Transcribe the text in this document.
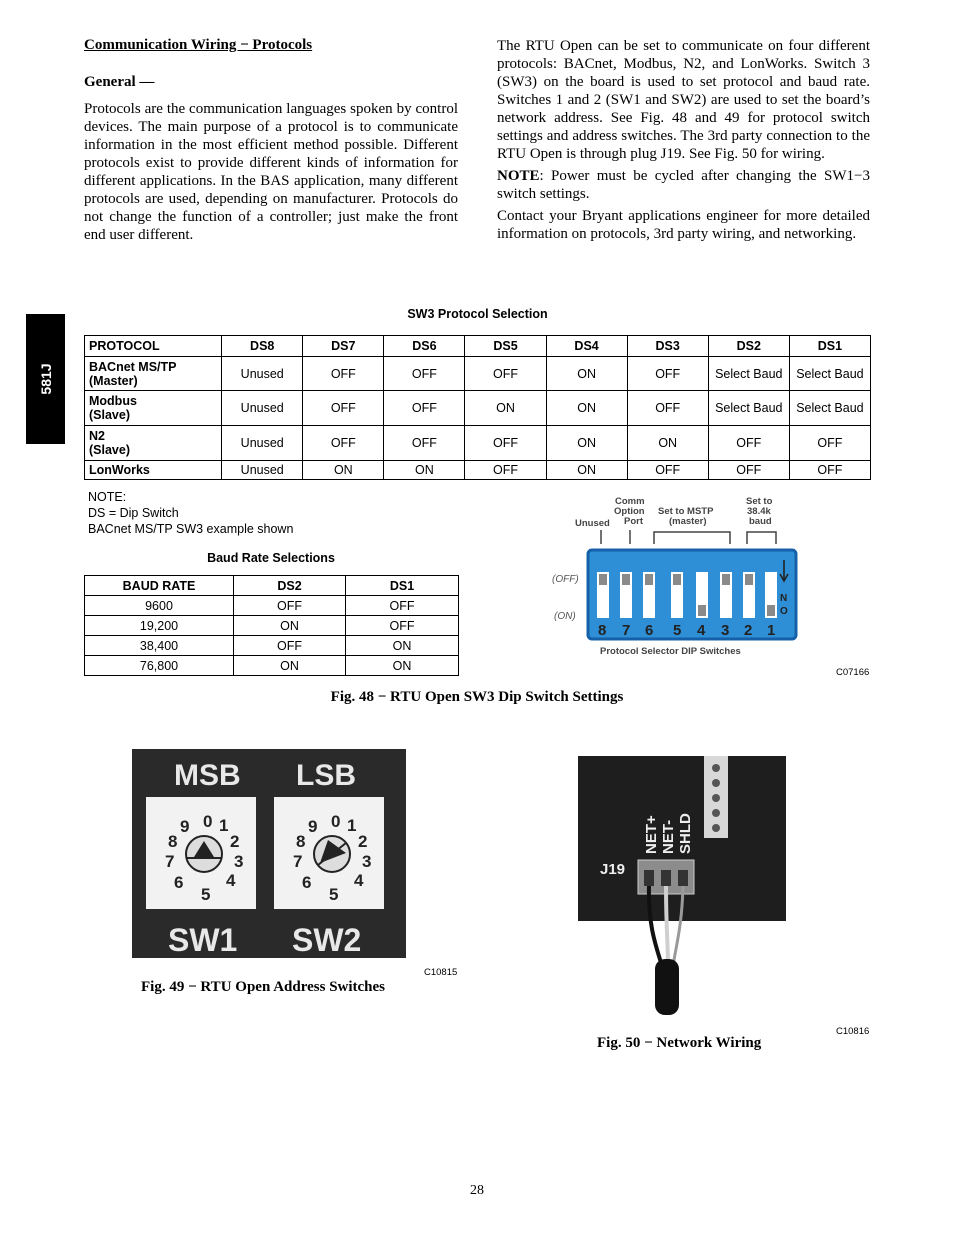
581J
Communication Wiring − Protocols
General —

Protocols are the communication languages spoken by control devices. The main purpose of a protocol is to communicate information in the most efficient method possible. Different protocols exist to provide different kinds of information for different applications. In the BAS application, many different protocols are used, depending on manufacturer. Protocols do not change the function of a controller; just make the front end user different.

The RTU Open can be set to communicate on four different protocols: BACnet, Modbus, N2, and LonWorks. Switch 3 (SW3) on the board is used to set protocol and baud rate. Switches 1 and 2 (SW1 and SW2) are used to set the board’s network address. See Fig. 48 and 49 for protocol switch settings and address switches. The 3rd party connection to the RTU Open is through plug J19. See Fig. 50 for wiring.

NOTE: Power must be cycled after changing the SW1−3 switch settings.

Contact your Bryant applications engineer for more detailed information on protocols, 3rd party wiring, and networking.

SW3 Protocol Selection
PROTOCOL	DS8	DS7	DS6	DS5	DS4	DS3	DS2	DS1

BACnet MS/TP
(Master)	Unused	OFF	OFF	OFF	ON	OFF	Select Baud	Select Baud

Modbus
(Slave)	Unused	OFF	OFF	ON	ON	OFF	Select Baud	Select Baud

N2
(Slave)	Unused	OFF	OFF	OFF	ON	ON	OFF	OFF

LonWorks	Unused	ON	ON	OFF	ON	OFF	OFF	OFF
NOTE:
DS = Dip Switch
BACnet MS/TP SW3 example shown
Baud Rate Selections
BAUD RATE	DS2	DS1
9600	OFF	OFF
19,200	ON	OFF
38,400	OFF	ON
76,800	ON	ON
Unused
Comm
Option
Port
Set to MSTP
(master)
Set to
38.4k
baud
N
O
8 7 6 5 4 3 2 1
(OFF)
(ON)
Protocol Selector DIP Switches
C07166
Fig. 48 − RTU Open SW3 Dip Switch Settings
MSB LSB
0 1
2
3
4
5
6
7
8
9	0 1
2
3
4
5
6
7
8
9
SW1 SW2
C10815
Fig. 49 − RTU Open Address Switches
NET+ NET- SHLD
J19
C10816
Fig. 50 − Network Wiring
28
